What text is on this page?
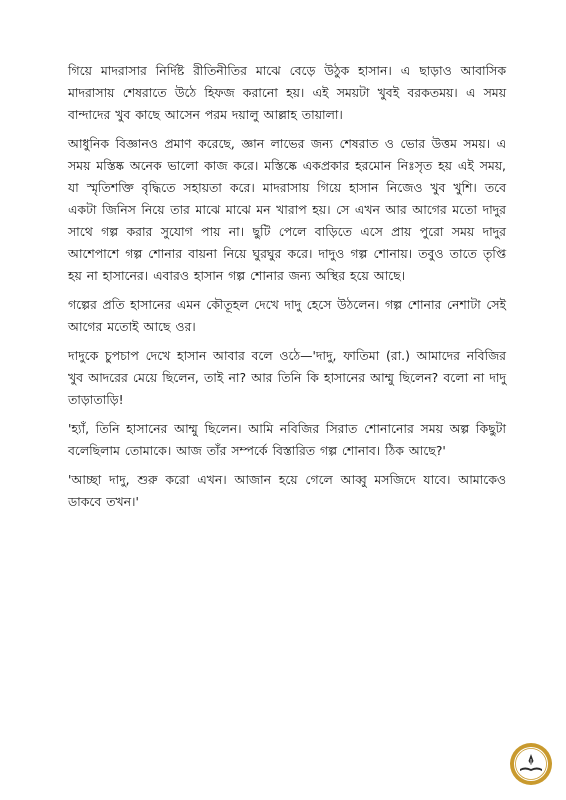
গিয়ে মাদরাসার নির্দিষ্ট রীতিনীতির মাঝে বেড়ে উঠুক হাসান। এ ছাড়াও আবাসিক মাদরাসায় শেষরাতে উঠে হিফজ করানো হয়। এই সময়টা খুবই বরকতময়। এ সময় বান্দাদের খুব কাছে আসেন পরম দয়ালু আল্লাহ তায়ালা।

আধুনিক বিজ্ঞানও প্রমাণ করেছে, জ্ঞান লাভের জন্য শেষরাত ও ভোর উত্তম সময়। এ সময় মস্তিষ্ক অনেক ভালো কাজ করে। মস্তিষ্কে একপ্রকার হরমোন নিঃসৃত হয় এই সময়, যা স্মৃতিশক্তি বৃদ্ধিতে সহায়তা করে। মাদরাসায় গিয়ে হাসান নিজেও খুব খুশি। তবে একটা জিনিস নিয়ে তার মাঝে মাঝে মন খারাপ হয়। সে এখন আর আগের মতো দাদুর সাথে গল্প করার সুযোগ পায় না। ছুটি পেলে বাড়িতে এসে প্রায় পুরো সময় দাদুর আশেপাশে গল্প শোনার বায়না নিয়ে ঘুরঘুর করে। দাদুও গল্প শোনায়। তবুও তাতে তৃপ্তি হয় না হাসানের। এবারও হাসান গল্প শোনার জন্য অস্থির হয়ে আছে।

গল্পের প্রতি হাসানের এমন কৌতূহল দেখে দাদু হেসে উঠলেন। গল্প শোনার নেশাটা সেই আগের মতোই আছে ওর।

দাদুকে চুপচাপ দেখে হাসান আবার বলে ওঠে—'দাদু, ফাতিমা (রা.) আমাদের নবিজির খুব আদরের মেয়ে ছিলেন, তাই না? আর তিনি কি হাসানের আম্মু ছিলেন? বলো না দাদু তাড়াতাড়ি!

'হ্যাঁ, তিনি হাসানের আম্মু ছিলেন। আমি নবিজির সিরাত শোনানোর সময় অল্প কিছুটা বলেছিলাম তোমাকে। আজ তাঁর সম্পর্কে বিস্তারিত গল্প শোনাব। ঠিক আছে?'

'আচ্ছা দাদু, শুরু করো এখন। আজান হয়ে গেলে আব্বু মসজিদে যাবে। আমাকেও ডাকবে তখন।'
